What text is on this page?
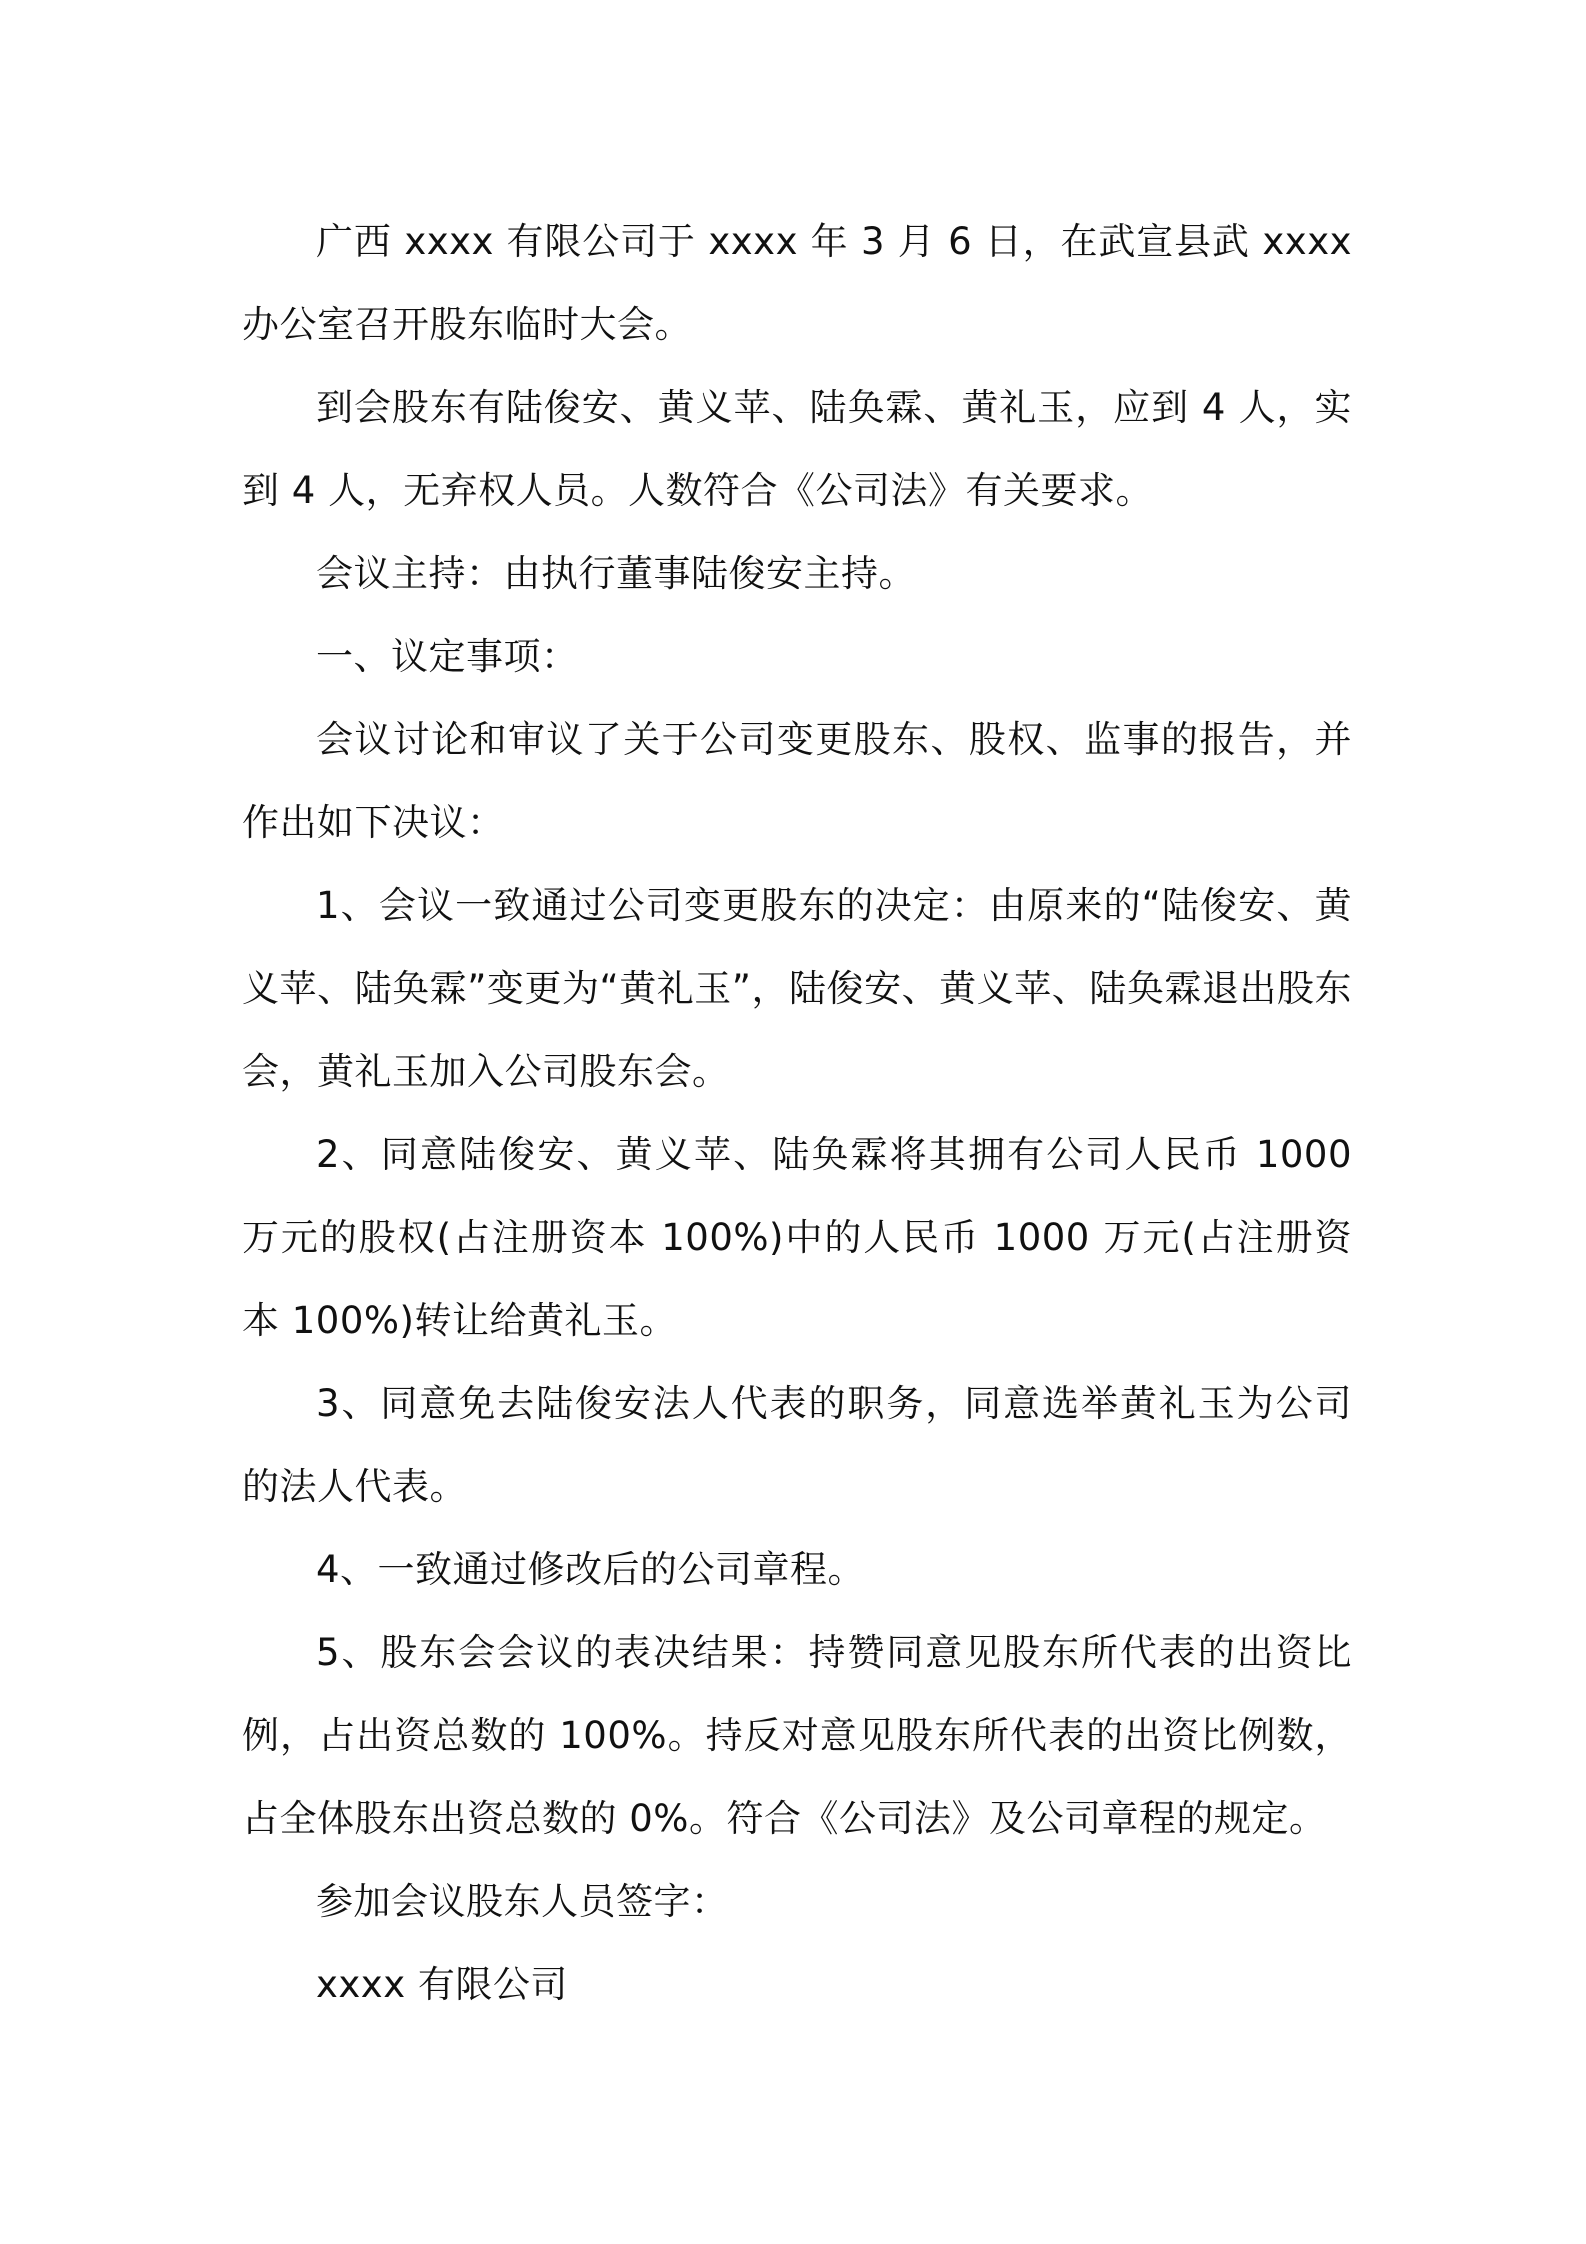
广西 xxxx 有限公司于 xxxx 年 3 月 6 日，在武宣县武 xxxx 办公室召开股东临时大会。

到会股东有陆俊安、黄义苹、陆奂霖、黄礼玉，应到 4 人，实到 4 人，无弃权人员。人数符合《公司法》有关要求。

会议主持：由执行董事陆俊安主持。

一、议定事项：

会议讨论和审议了关于公司变更股东、股权、监事的报告，并作出如下决议：

1、会议一致通过公司变更股东的决定：由原来的“陆俊安、黄义苹、陆奂霖”变更为“黄礼玉”，陆俊安、黄义苹、陆奂霖退出股东会，黄礼玉加入公司股东会。

2、同意陆俊安、黄义苹、陆奂霖将其拥有公司人民币 1000 万元的股权(占注册资本 100%)中的人民币 1000 万元(占注册资本 100%)转让给黄礼玉。

3、同意免去陆俊安法人代表的职务，同意选举黄礼玉为公司的法人代表。

4、一致通过修改后的公司章程。

5、股东会会议的表决结果：持赞同意见股东所代表的出资比例，占出资总数的 100%。持反对意见股东所代表的出资比例数，占全体股东出资总数的 0%。符合《公司法》及公司章程的规定。

参加会议股东人员签字：

xxxx 有限公司
